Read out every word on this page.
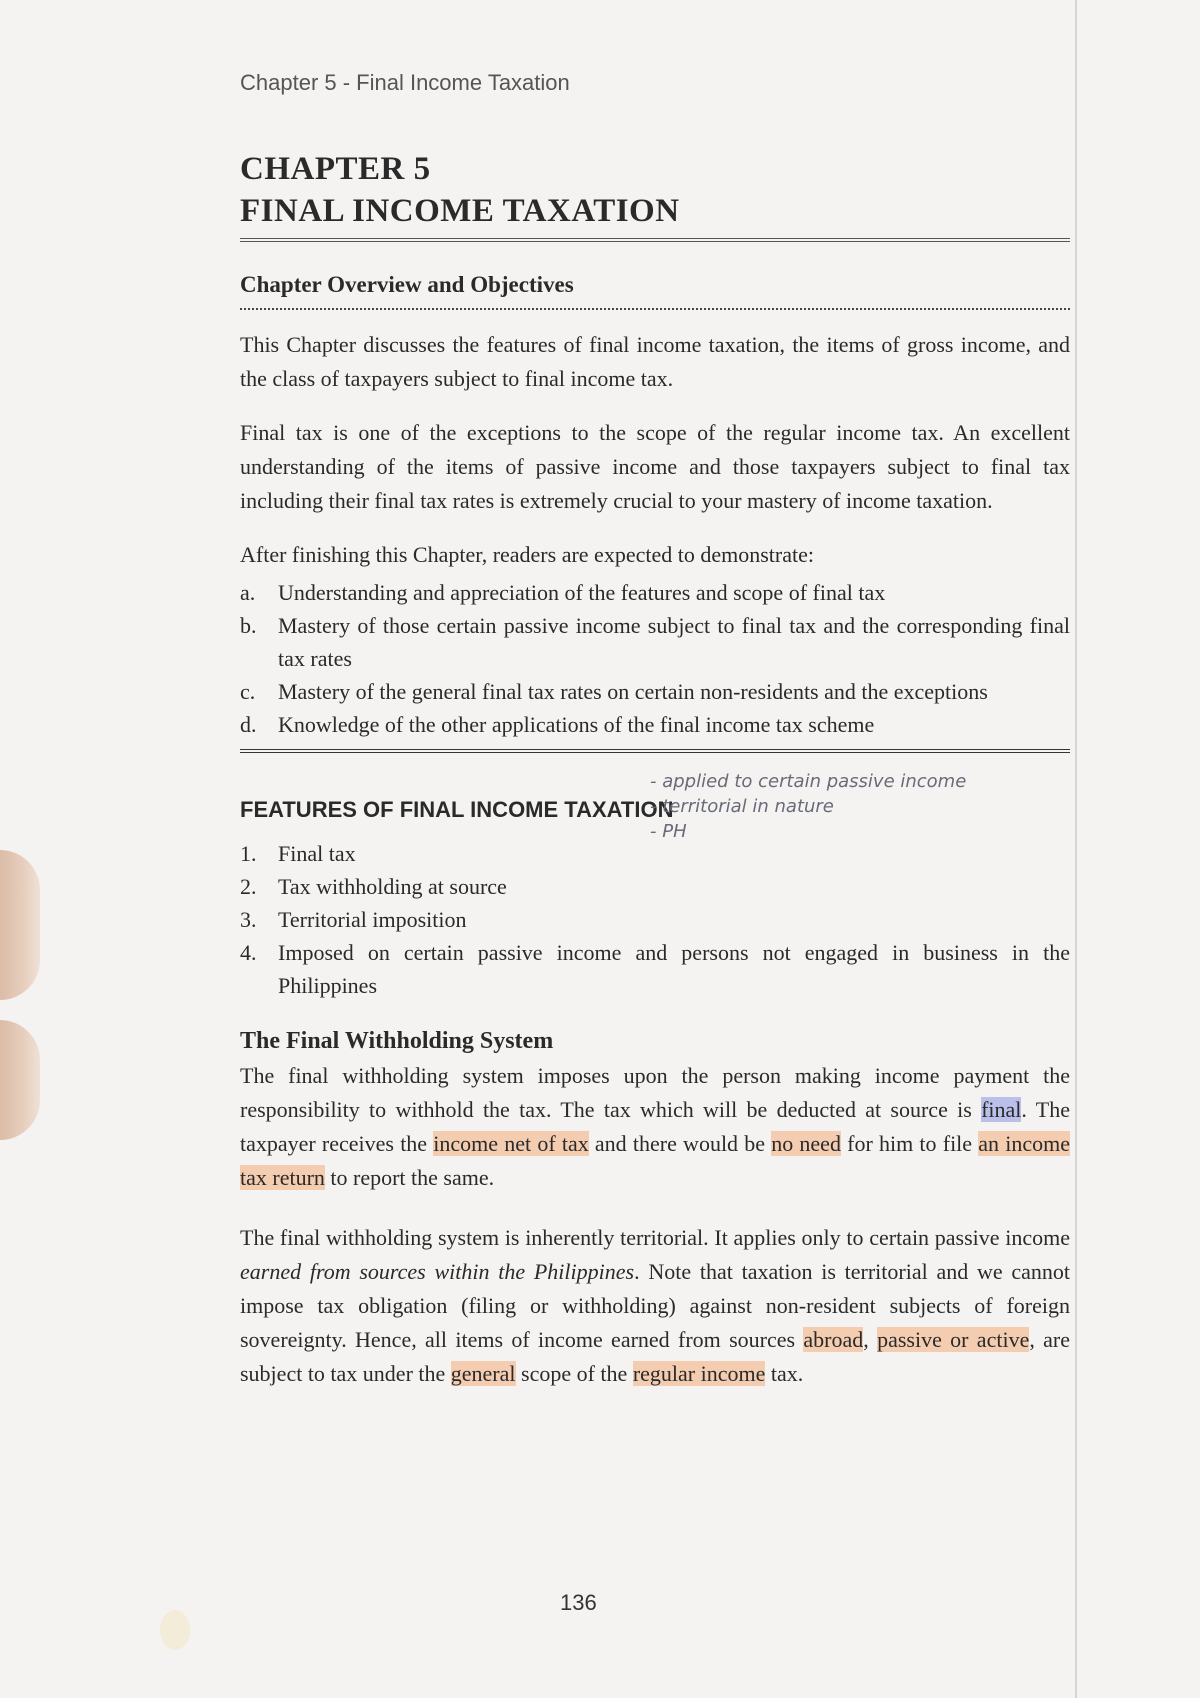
Chapter 5 - Final Income Taxation
CHAPTER 5
FINAL INCOME TAXATION
Chapter Overview and Objectives

This Chapter discusses the features of final income taxation, the items of gross income, and the class of taxpayers subject to final income tax.

Final tax is one of the exceptions to the scope of the regular income tax. An excellent understanding of the items of passive income and those taxpayers subject to final tax including their final tax rates is extremely crucial to your mastery of income taxation.

After finishing this Chapter, readers are expected to demonstrate:

a.	Understanding and appreciation of the features and scope of final tax
b. Mastery of those certain passive income subject to final tax and the corresponding final tax rates
c.	Mastery of the general final tax rates on certain non-residents and the exceptions
d. Knowledge of the other applications of the final income tax scheme
FEATURES OF FINAL INCOME TAXATION
- applied to certain passive income
- territorial in nature
- PH
1. Final tax
2. Tax withholding at source
3. Territorial imposition
4. Imposed on certain passive income and persons not engaged in business in the Philippines
The Final Withholding System

The final withholding system imposes upon the person making income payment the responsibility to withhold the tax. The tax which will be deducted at source is final. The taxpayer receives the income net of tax and there would be no need for him to file an income tax return to report the same.

The final withholding system is inherently territorial. It applies only to certain passive income earned from sources within the Philippines. Note that taxation is territorial and we cannot impose tax obligation (filing or withholding) against non-resident subjects of foreign sovereignty. Hence, all items of income earned from sources abroad, passive or active, are subject to tax under the general scope of the regular income tax.

136
